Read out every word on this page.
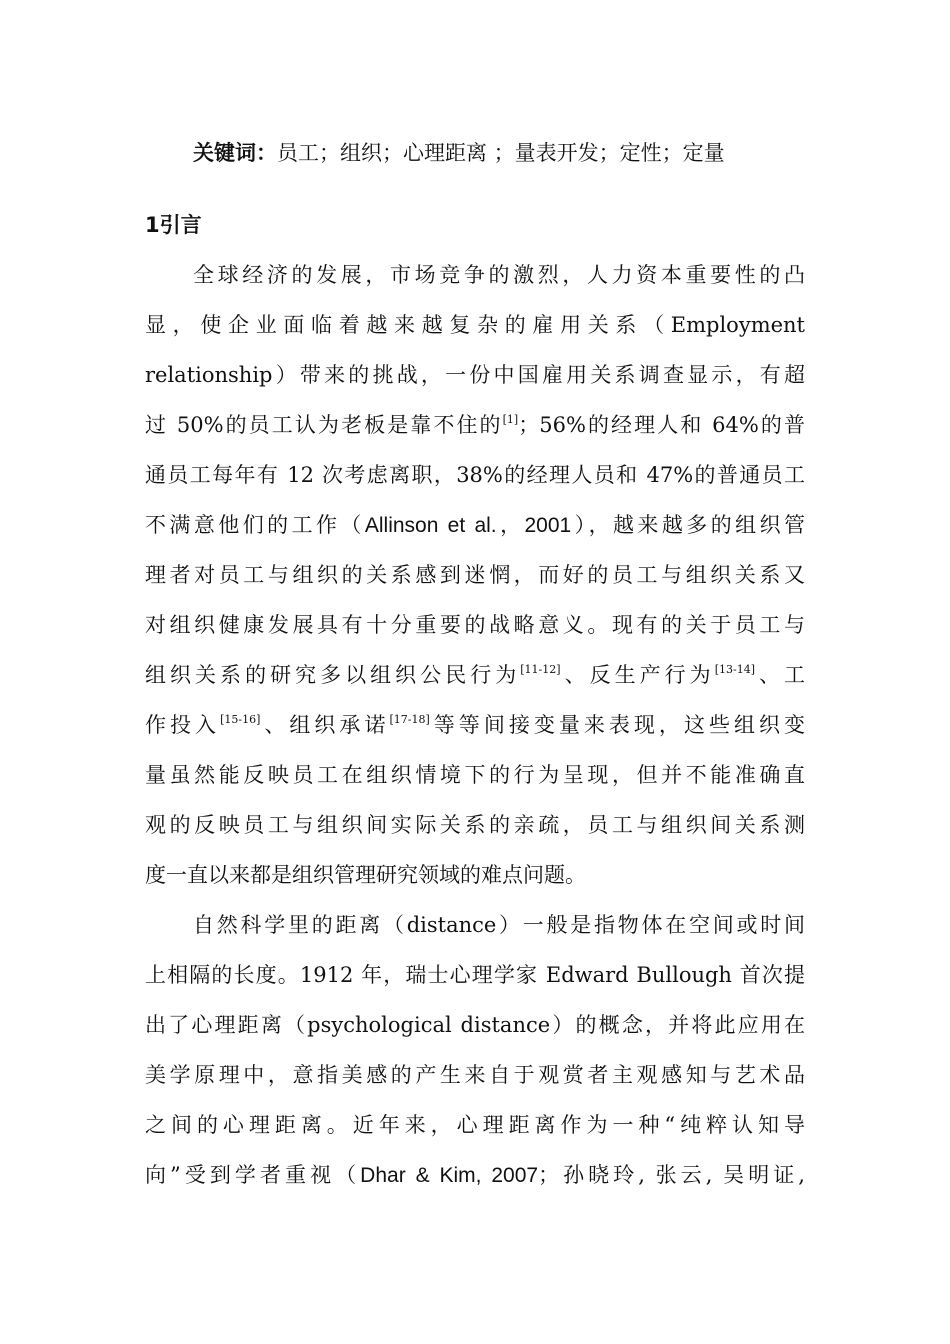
关键词：员工；组织；心理距离 ；量表开发；定性；定量

1引言
全球经济的发展，市场竞争的激烈，人力资本重要性的凸
显，使企业面临着越来越复杂的雇用关系（Employment
relationship）带来的挑战，一份中国雇用关系调查显示，有超
过 50%的员工认为老板是靠不住的[1]；56%的经理人和 64%的普
通员工每年有 12 次考虑离职，38%的经理人员和 47%的普通员工
不满意他们的工作（Allinson et al.，2001），越来越多的组织管
理者对员工与组织的关系感到迷惘，而好的员工与组织关系又
对组织健康发展具有十分重要的战略意义。现有的关于员工与
组织关系的研究多以组织公民行为[11-12]、反生产行为[13-14]、工
作投入[15-16]、组织承诺[17-18]等等间接变量来表现，这些组织变
量虽然能反映员工在组织情境下的行为呈现，但并不能准确直
观的反映员工与组织间实际关系的亲疏，员工与组织间关系测
度一直以来都是组织管理研究领域的难点问题。
自然科学里的距离（distance）一般是指物体在空间或时间
上相隔的长度。1912 年，瑞士心理学家 Edward Bullough 首次提
出了心理距离（psychological distance）的概念，并将此应用在
美学原理中，意指美感的产生来自于观赏者主观感知与艺术品
之间的心理距离。近年来，心理距离作为一种“纯粹认知导
向”受到学者重视（Dhar & Kim, 2007；孙晓玲, 张云, 吴明证,
